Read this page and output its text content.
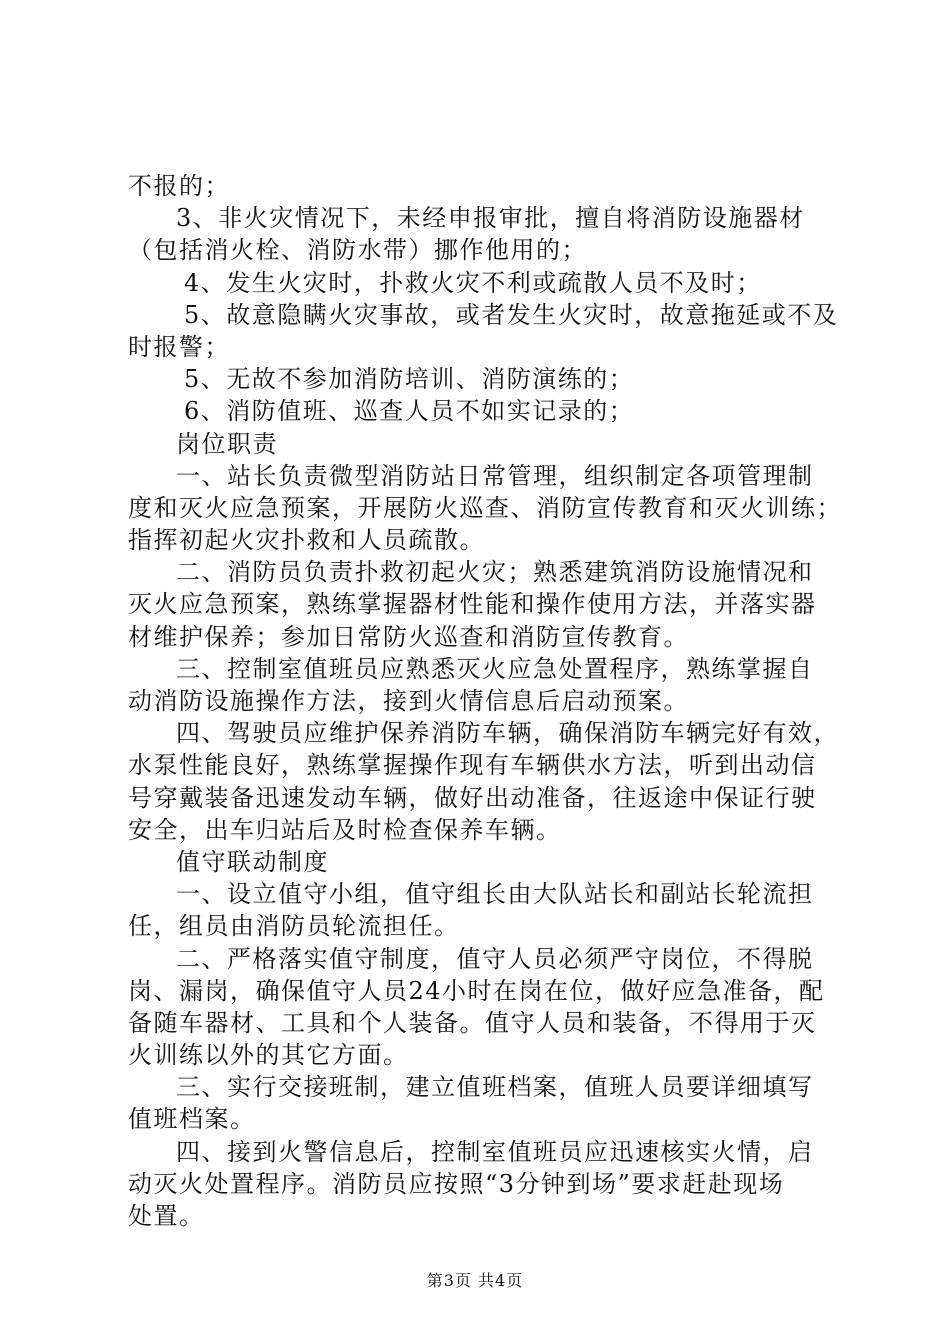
不报的；
3、非火灾情况下，未经申报审批，擅自将消防设施器材
（包括消火栓、消防水带）挪作他用的；
4、发生火灾时，扑救火灾不利或疏散人员不及时；
5、故意隐瞒火灾事故，或者发生火灾时，故意拖延或不及
时报警；
5、无故不参加消防培训、消防演练的；
6、消防值班、巡查人员不如实记录的；
岗位职责
一、站长负责微型消防站日常管理，组织制定各项管理制
度和灭火应急预案，开展防火巡查、消防宣传教育和灭火训练；
指挥初起火灾扑救和人员疏散。
二、消防员负责扑救初起火灾；熟悉建筑消防设施情况和
灭火应急预案，熟练掌握器材性能和操作使用方法，并落实器
材维护保养；参加日常防火巡查和消防宣传教育。
三、控制室值班员应熟悉灭火应急处置程序，熟练掌握自
动消防设施操作方法，接到火情信息后启动预案。
四、驾驶员应维护保养消防车辆，确保消防车辆完好有效，
水泵性能良好，熟练掌握操作现有车辆供水方法，听到出动信
号穿戴装备迅速发动车辆，做好出动准备，往返途中保证行驶
安全，出车归站后及时检查保养车辆。
值守联动制度
一、设立值守小组，值守组长由大队站长和副站长轮流担
任，组员由消防员轮流担任。
二、严格落实值守制度，值守人员必须严守岗位，不得脱
岗、漏岗，确保值守人员24小时在岗在位，做好应急准备，配
备随车器材、工具和个人装备。值守人员和装备，不得用于灭
火训练以外的其它方面。
三、实行交接班制，建立值班档案，值班人员要详细填写
值班档案。
四、接到火警信息后，控制室值班员应迅速核实火情，启
动灭火处置程序。消防员应按照“3分钟到场”要求赶赴现场
处置。
第3页 共4页
